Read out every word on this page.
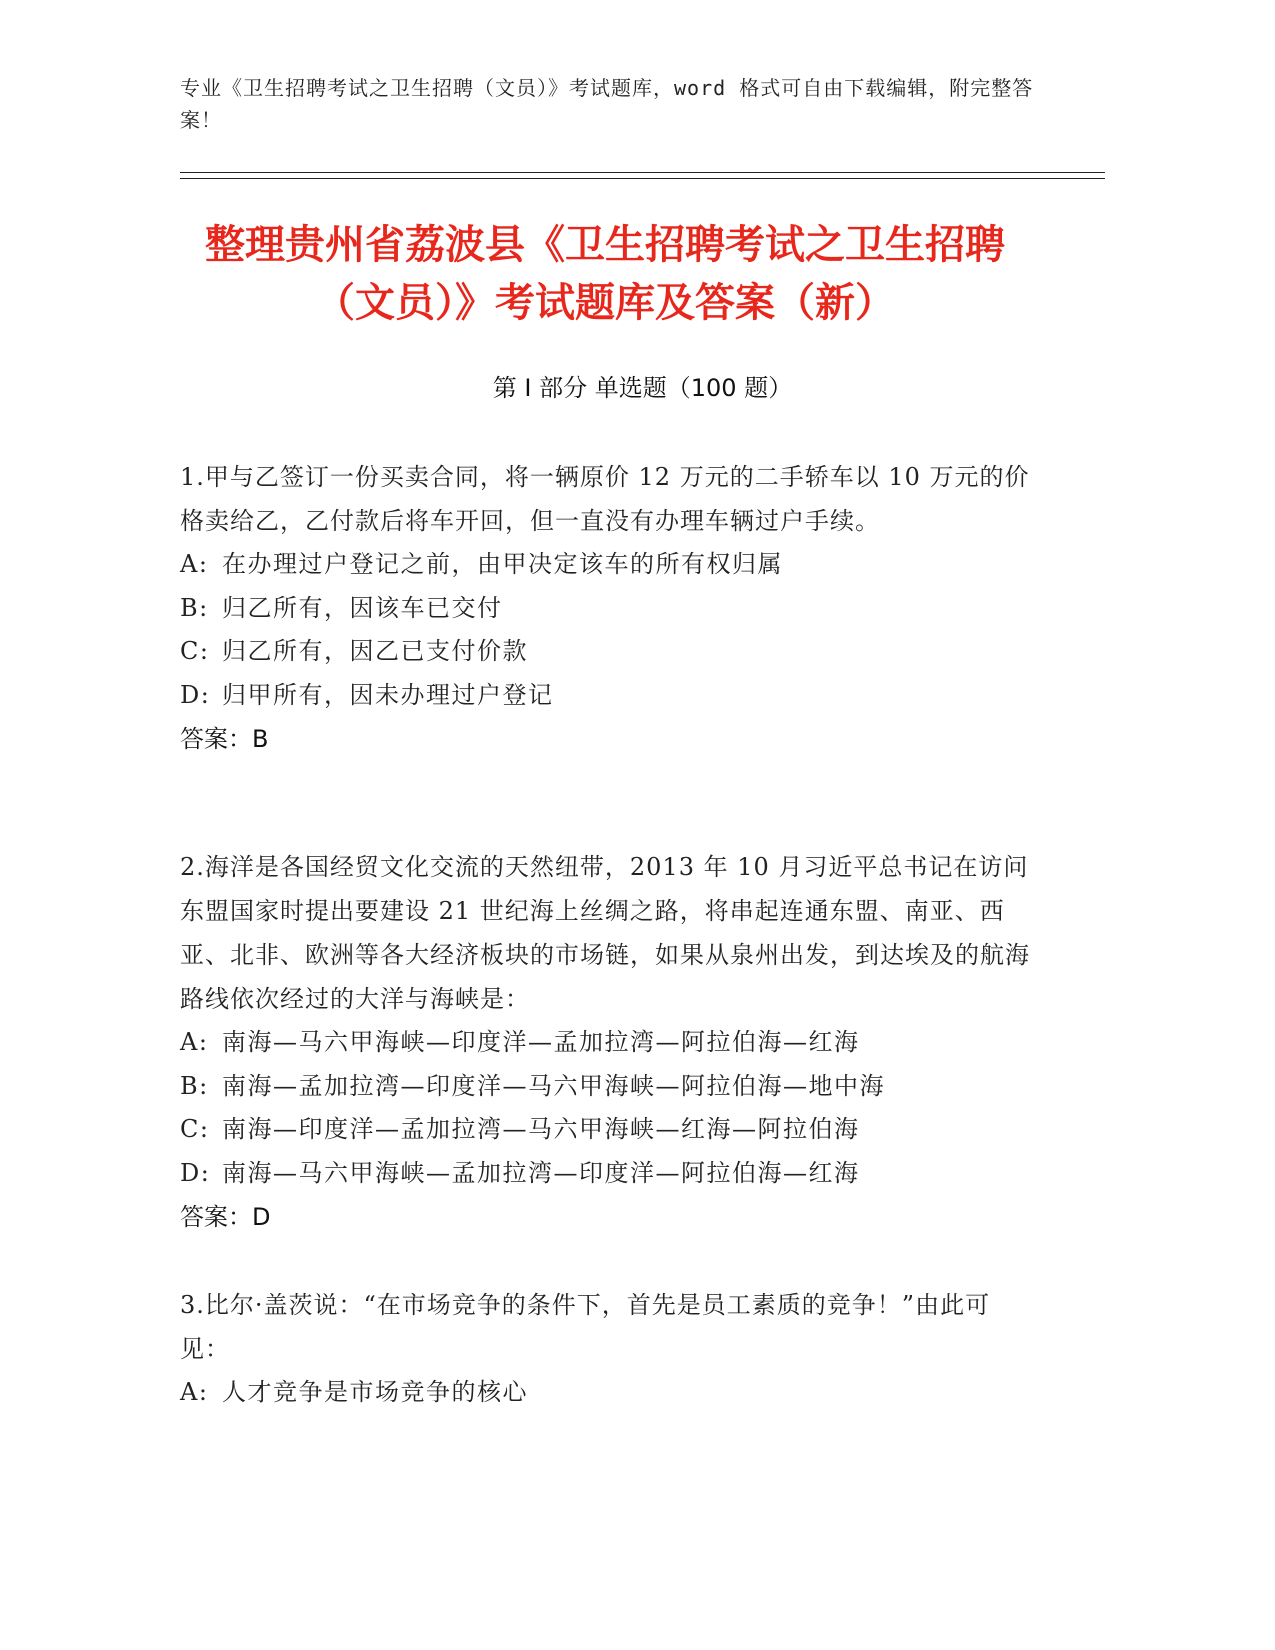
专业《卫生招聘考试之卫生招聘（文员）》考试题库，word 格式可自由下载编辑，附完整答案！
整理贵州省荔波县《卫生招聘考试之卫生招聘（文员）》考试题库及答案（新）
第 I 部分 单选题（100 题）
1.甲与乙签订一份买卖合同，将一辆原价 12 万元的二手轿车以 10 万元的价格卖给乙，乙付款后将车开回，但一直没有办理车辆过户手续。
A: 在办理过户登记之前，由甲决定该车的所有权归属
B: 归乙所有，因该车已交付
C: 归乙所有，因乙已支付价款
D: 归甲所有，因未办理过户登记
答案：B
2.海洋是各国经贸文化交流的天然纽带，2013 年 10 月习近平总书记在访问东盟国家时提出要建设 21 世纪海上丝绸之路，将串起连通东盟、南亚、西亚、北非、欧洲等各大经济板块的市场链，如果从泉州出发，到达埃及的航海路线依次经过的大洋与海峡是：
A: 南海—马六甲海峡—印度洋—孟加拉湾—阿拉伯海—红海
B: 南海—孟加拉湾—印度洋—马六甲海峡—阿拉伯海—地中海
C: 南海—印度洋—孟加拉湾—马六甲海峡—红海—阿拉伯海
D: 南海—马六甲海峡—孟加拉湾—印度洋—阿拉伯海—红海
答案：D
3.比尔·盖茨说：“在市场竞争的条件下，首先是员工素质的竞争！”由此可见：
A: 人才竞争是市场竞争的核心
